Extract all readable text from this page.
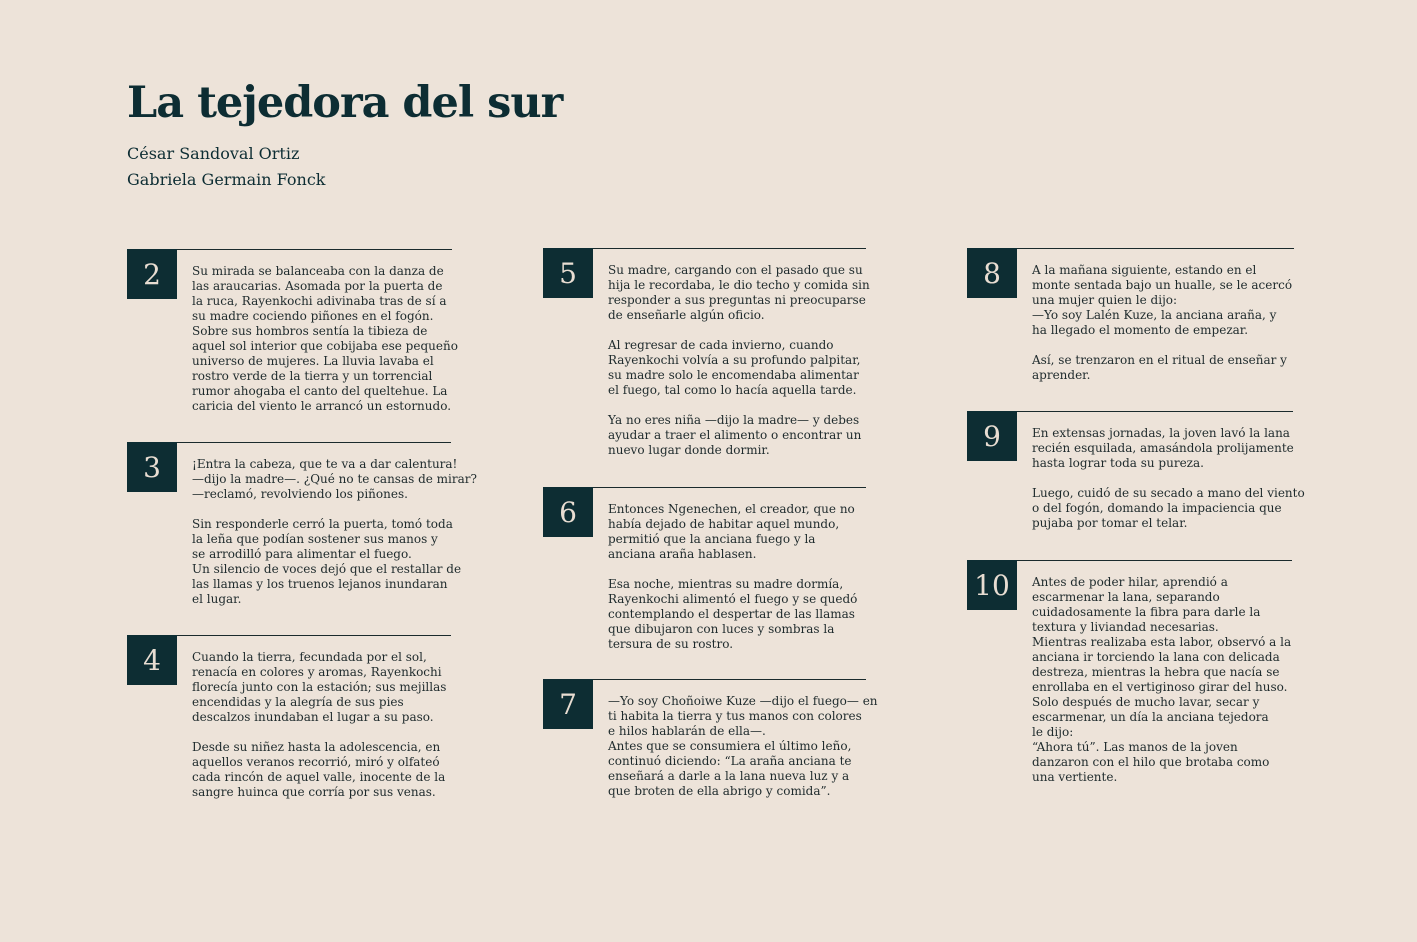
La tejedora del sur

César Sandoval Ortiz

Gabriela Germain Fonck

2	Su mirada se balanceaba con la danza de
las araucarias. Asomada por la puerta de
la ruca, Rayenkochi adivinaba tras de sí a
su madre cociendo piñones en el fogón.
Sobre sus hombros sentía la tibieza de
aquel sol interior que cobijaba ese pequeño
universo de mujeres. La lluvia lavaba el
rostro verde de la tierra y un torrencial
rumor ahogaba el canto del queltehue. La
caricia del viento le arrancó un estornudo.
3	¡Entra la cabeza, que te va a dar calentura!
—dijo la madre—. ¿Qué no te cansas de mirar?
—reclamó, revolviendo los piñones.
Sin responderle cerró la puerta, tomó toda
la leña que podían sostener sus manos y
se arrodilló para alimentar el fuego.
Un silencio de voces dejó que el restallar de
las llamas y los truenos lejanos inundaran
el lugar.
4	Cuando la tierra, fecundada por el sol,
renacía en colores y aromas, Rayenkochi
florecía junto con la estación; sus mejillas
encendidas y la alegría de sus pies
descalzos inundaban el lugar a su paso.
Desde su niñez hasta la adolescencia, en
aquellos veranos recorrió, miró y olfateó
cada rincón de aquel valle, inocente de la
sangre huinca que corría por sus venas.
5	Su madre, cargando con el pasado que su
hija le recordaba, le dio techo y comida sin
responder a sus preguntas ni preocuparse
de enseñarle algún oficio.
Al regresar de cada invierno, cuando
Rayenkochi volvía a su profundo palpitar,
su madre solo le encomendaba alimentar
el fuego, tal como lo hacía aquella tarde.
Ya no eres niña —dijo la madre— y debes
ayudar a traer el alimento o encontrar un
nuevo lugar donde dormir.
6	Entonces Ngenechen, el creador, que no
había dejado de habitar aquel mundo,
permitió que la anciana fuego y la
anciana araña hablasen.
Esa noche, mientras su madre dormía,
Rayenkochi alimentó el fuego y se quedó
contemplando el despertar de las llamas
que dibujaron con luces y sombras la
tersura de su rostro.
7	—Yo soy Choñoiwe Kuze —dijo el fuego— en
ti habita la tierra y tus manos con colores
e hilos hablarán de ella—.
Antes que se consumiera el último leño,
continuó diciendo: “La araña anciana te
enseñará a darle a la lana nueva luz y a
que broten de ella abrigo y comida”.
8	A la mañana siguiente, estando en el
monte sentada bajo un hualle, se le acercó
una mujer quien le dijo:
—Yo soy Lalén Kuze, la anciana araña, y
ha llegado el momento de empezar.
Así, se trenzaron en el ritual de enseñar y
aprender.
9	En extensas jornadas, la joven lavó la lana
recién esquilada, amasándola prolijamente
hasta lograr toda su pureza.
Luego, cuidó de su secado a mano del viento
o del fogón, domando la impaciencia que
pujaba por tomar el telar.
10	Antes de poder hilar, aprendió a
escarmenar la lana, separando
cuidadosamente la fibra para darle la
textura y liviandad necesarias.
Mientras realizaba esta labor, observó a la
anciana ir torciendo la lana con delicada
destreza, mientras la hebra que nacía se
enrollaba en el vertiginoso girar del huso.
Solo después de mucho lavar, secar y
escarmenar, un día la anciana tejedora
le dijo:
“Ahora tú”. Las manos de la joven
danzaron con el hilo que brotaba como
una vertiente.
